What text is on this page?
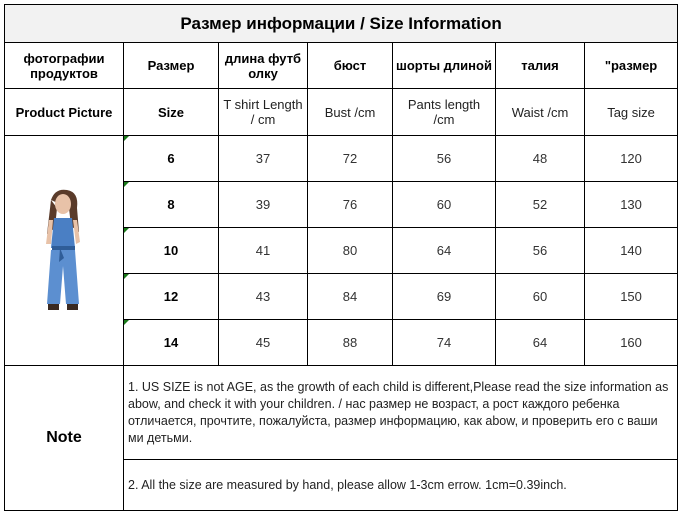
Размер информации / Size Information						
фотографии продуктов	Размер	длина футб олку	бюст	шорты длиной	талия	"размер
Product Picture	Size	T shirt Length / cm	Bust /cm	Pants length /cm	Waist /cm	Tag size

	6	37	72	56	48	120
	8	39	76	60	52	130
	10	41	80	64	56	140
	12	43	84	69	60	150
	14	45	88	74	64	160
Note	1. US SIZE is not AGE, as the growth of each child is different,Please read the size information as abow, and check it with your children. / нас размер не возраст, а рост каждого ребенка отличается, прочтите, пожалуйста, размер информацию, как abow, и проверить его с ваши ми детьми.					
	2. All the size are measured by hand, please allow 1-3cm errow. 1cm=0.39inch.					
